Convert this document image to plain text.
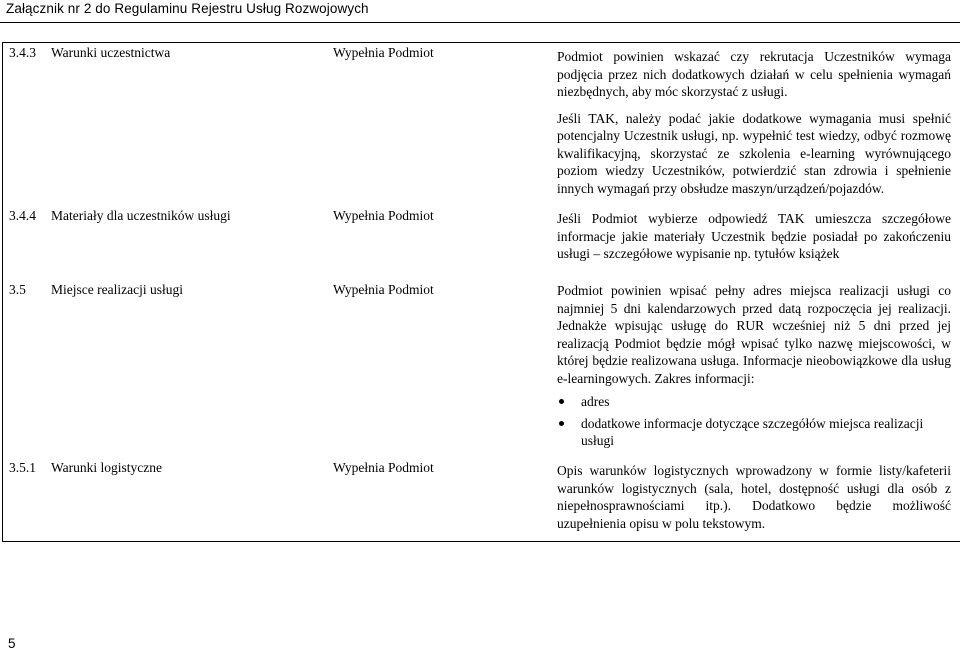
Załącznik nr 2 do Regulaminu Rejestru Usług Rozwojowych
3.4.3 Warunki uczestnictwa	Wypełnia Podmiot	Podmiot powinien wskazać czy rekrutacja Uczestników wymaga podjęcia przez nich dodatkowych działań w celu spełnienia wymagań niezbędnych, aby móc skorzystać z usługi.

Jeśli TAK, należy podać jakie dodatkowe wymagania musi spełnić potencjalny Uczestnik usługi, np. wypełnić test wiedzy, odbyć rozmowę kwalifikacyjną, skorzystać ze szkolenia e-learning wyrównującego poziom wiedzy Uczestników, potwierdzić stan zdrowia i spełnienie innych wymagań przy obsłudze maszyn/urządzeń/pojazdów.

3.4.4 Materiały dla uczestników usługi	Wypełnia Podmiot	Jeśli Podmiot wybierze odpowiedź TAK umieszcza szczegółowe informacje jakie materiały Uczestnik będzie posiadał po zakończeniu usługi – szczegółowe wypisanie np. tytułów książek

3.5 Miejsce realizacji usługi	Wypełnia Podmiot	Podmiot powinien wpisać pełny adres miejsca realizacji usługi co najmniej 5 dni kalendarzowych przed datą rozpoczęcia jej realizacji. Jednakże wpisując usługę do RUR wcześniej niż 5 dni przed jej realizacją Podmiot będzie mógł wpisać tylko nazwę miejscowości, w której będzie realizowana usługa. Informacje nieobowiązkowe dla usług e-learningowych. Zakres informacji:

adres
dodatkowe informacje dotyczące szczegółów miejsca realizacji usługi
3.5.1 Warunki logistyczne	Wypełnia Podmiot	Opis warunków logistycznych wprowadzony w formie listy/kafeterii warunków logistycznych (sala, hotel, dostępność usługi dla osób z niepełnosprawnościami itp.). Dodatkowo będzie możliwość uzupełnienia opisu w polu tekstowym.

5
